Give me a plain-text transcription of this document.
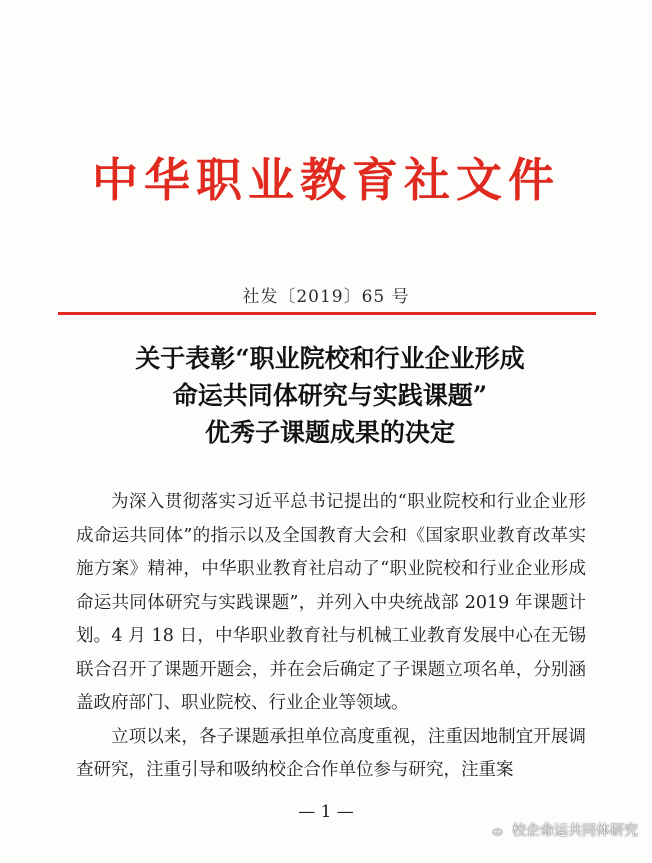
中华职业教育社文件
社发〔2019〕65 号
关于表彰“职业院校和行业企业形成
命运共同体研究与实践课题”
优秀子课题成果的决定

为深入贯彻落实习近平总书记提出的“职业院校和行业企业形成命运共同体”的指示以及全国教育大会和《国家职业教育改革实施方案》精神，中华职业教育社启动了“职业院校和行业企业形成命运共同体研究与实践课题”，并列入中央统战部 2019 年课题计划。4 月 18 日，中华职业教育社与机械工业教育发展中心在无锡联合召开了课题开题会，并在会后确定了子课题立项名单，分别涵盖政府部门、职业院校、行业企业等领域。

立项以来，各子课题承担单位高度重视，注重因地制宜开展调查研究，注重引导和吸纳校企合作单位参与研究，注重案

— 1 —
校企命运共同体研究
